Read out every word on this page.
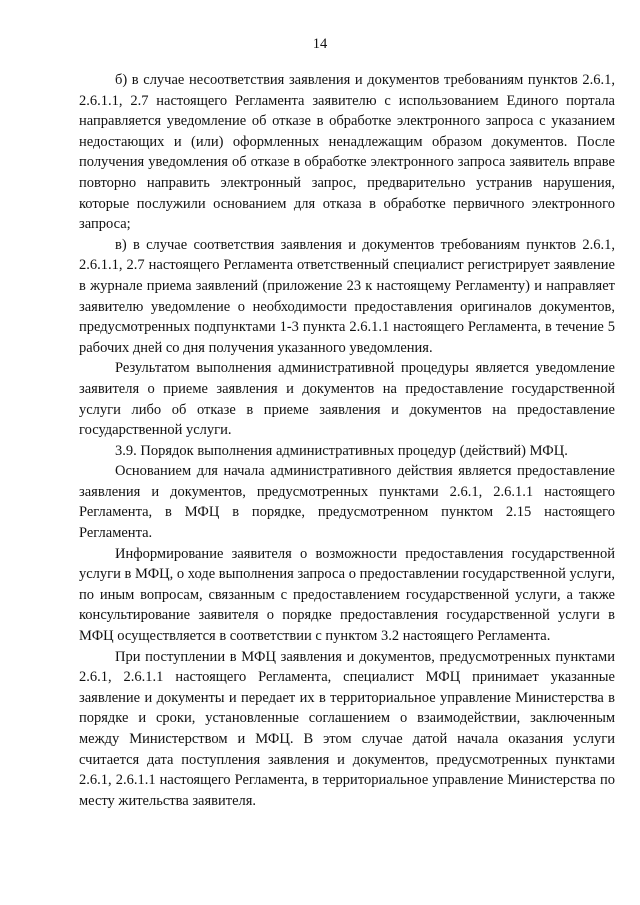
14

б) в случае несоответствия заявления и документов требованиям пунктов 2.6.1, 2.6.1.1, 2.7 настоящего Регламента заявителю с использованием Единого портала направляется уведомление об отказе в обработке электронного запроса с указанием недостающих и (или) оформленных ненадлежащим образом документов. После получения уведомления об отказе в обработке электронного запроса заявитель вправе повторно направить электронный запрос, предварительно устранив нарушения, которые послужили основанием для отказа в обработке первичного электронного запроса;

в) в случае соответствия заявления и документов требованиям пунктов 2.6.1, 2.6.1.1, 2.7 настоящего Регламента ответственный специалист регистрирует заявление в журнале приема заявлений (приложение 23 к настоящему Регламенту) и направляет заявителю уведомление о необходимости предоставления оригиналов документов, предусмотренных подпунктами 1-3 пункта 2.6.1.1 настоящего Регламента, в течение 5 рабочих дней со дня получения указанного уведомления.

Результатом выполнения административной процедуры является уведомление заявителя о приеме заявления и документов на предоставление государственной услуги либо об отказе в приеме заявления и документов на предоставление государственной услуги.

3.9. Порядок выполнения административных процедур (действий) МФЦ.

Основанием для начала административного действия является предоставление заявления и документов, предусмотренных пунктами 2.6.1, 2.6.1.1 настоящего Регламента, в МФЦ в порядке, предусмотренном пунктом 2.15 настоящего Регламента.

Информирование заявителя о возможности предоставления государственной услуги в МФЦ, о ходе выполнения запроса о предоставлении государственной услуги, по иным вопросам, связанным с предоставлением государственной услуги, а также консультирование заявителя о порядке предоставления государственной услуги в МФЦ осуществляется в соответствии с пунктом 3.2 настоящего Регламента.

При поступлении в МФЦ заявления и документов, предусмотренных пунктами 2.6.1, 2.6.1.1 настоящего Регламента, специалист МФЦ принимает указанные заявление и документы и передает их в территориальное управление Министерства в порядке и сроки, установленные соглашением о взаимодействии, заключенным между Министерством и МФЦ. В этом случае датой начала оказания услуги считается дата поступления заявления и документов, предусмотренных пунктами 2.6.1, 2.6.1.1 настоящего Регламента, в территориальное управление Министерства по месту жительства заявителя.
